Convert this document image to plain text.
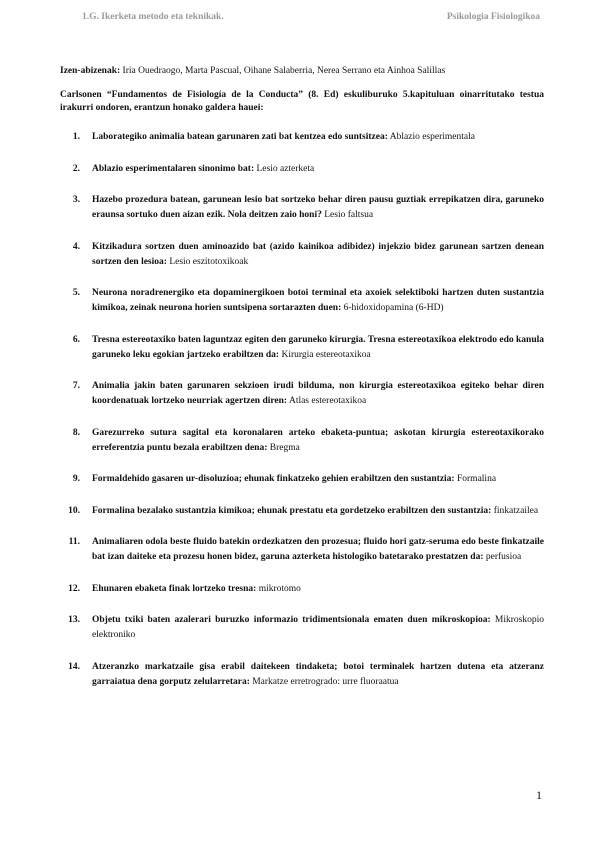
1.G. Ikerketa metodo eta teknikak.	Psikologia Fisiologikoa
Izen-abizenak: Iria Ouedraogo, Marta Pascual, Oihane Salaberria, Nerea Serrano eta Ainhoa Salillas
Carlsonen “Fundamentos de Fisiología de la Conducta” (8. Ed) eskuliburuko 5.kapituluan oinarritutako testua irakurri ondoren, erantzun honako galdera hauei:
1.	Laborategiko animalia batean garunaren zati bat kentzea edo suntsitzea: Ablazio esperimentala
2.	Ablazio esperimentalaren sinonimo bat: Lesio azterketa
3.	Hazebo prozedura batean, garunean lesio bat sortzeko behar diren pausu guztiak errepikatzen dira, garuneko eraunsa sortuko duen aizan ezik. Nola deitzen zaio honi? Lesio faltsua
4.	Kitzikadura sortzen duen aminoazido bat (azido kainikoa adibidez) injekzio bidez garunean sartzen denean sortzen den lesioa: Lesio eszitotoxikoak
5.	Neurona noradrenergiko eta dopaminergikoen botoi terminal eta axoiek selektiboki hartzen duten sustantzia kimikoa, zeinak neurona horien suntsipena sortarazten duen: 6-hidoxidopamina (6-HD)
6.	Tresna estereotaxiko baten laguntzaz egiten den garuneko kirurgia. Tresna estereotaxikoa elektrodo edo kanula garuneko leku egokian jartzeko erabiltzen da: Kirurgia estereotaxikoa
7.	Animalia jakin baten garunaren sekzioen irudi bilduma, non kirurgia estereotaxikoa egiteko behar diren koordenatuak lortzeko neurriak agertzen diren: Atlas estereotaxikoa
8.	Garezurreko sutura sagital eta koronalaren arteko ebaketa-puntua; askotan kirurgia estereotaxikorako erreferentzia puntu bezala erabiltzen dena: Bregma
9.	Formaldehido gasaren ur-disoluzioa; ehunak finkatzeko gehien erabiltzen den sustantzia: Formalina
10.	Formalina bezalako sustantzia kimikoa; ehunak prestatu eta gordetzeko erabiltzen den sustantzia: finkatzailea
11.	Animaliaren odola beste fluido batekin ordezkatzen den prozesua; fluido hori gatz-seruma edo beste finkatzaile bat izan daiteke eta prozesu honen bidez, garuna azterketa histologiko batetarako prestatzen da: perfusioa
12.	Ehunaren ebaketa finak lortzeko tresna: mikrotomo
13.	Objetu txiki baten azalerari buruzko informazio tridimentsionala ematen duen mikroskopioa: Mikroskopio elektroniko
14.	Atzeranzko markatzaile gisa erabil daitekeen tindaketa; botoi terminalek hartzen dutena eta atzeranz garraiatua dena gorputz zelularretara: Markatze erretrogrado: urre fluoraatua
1
